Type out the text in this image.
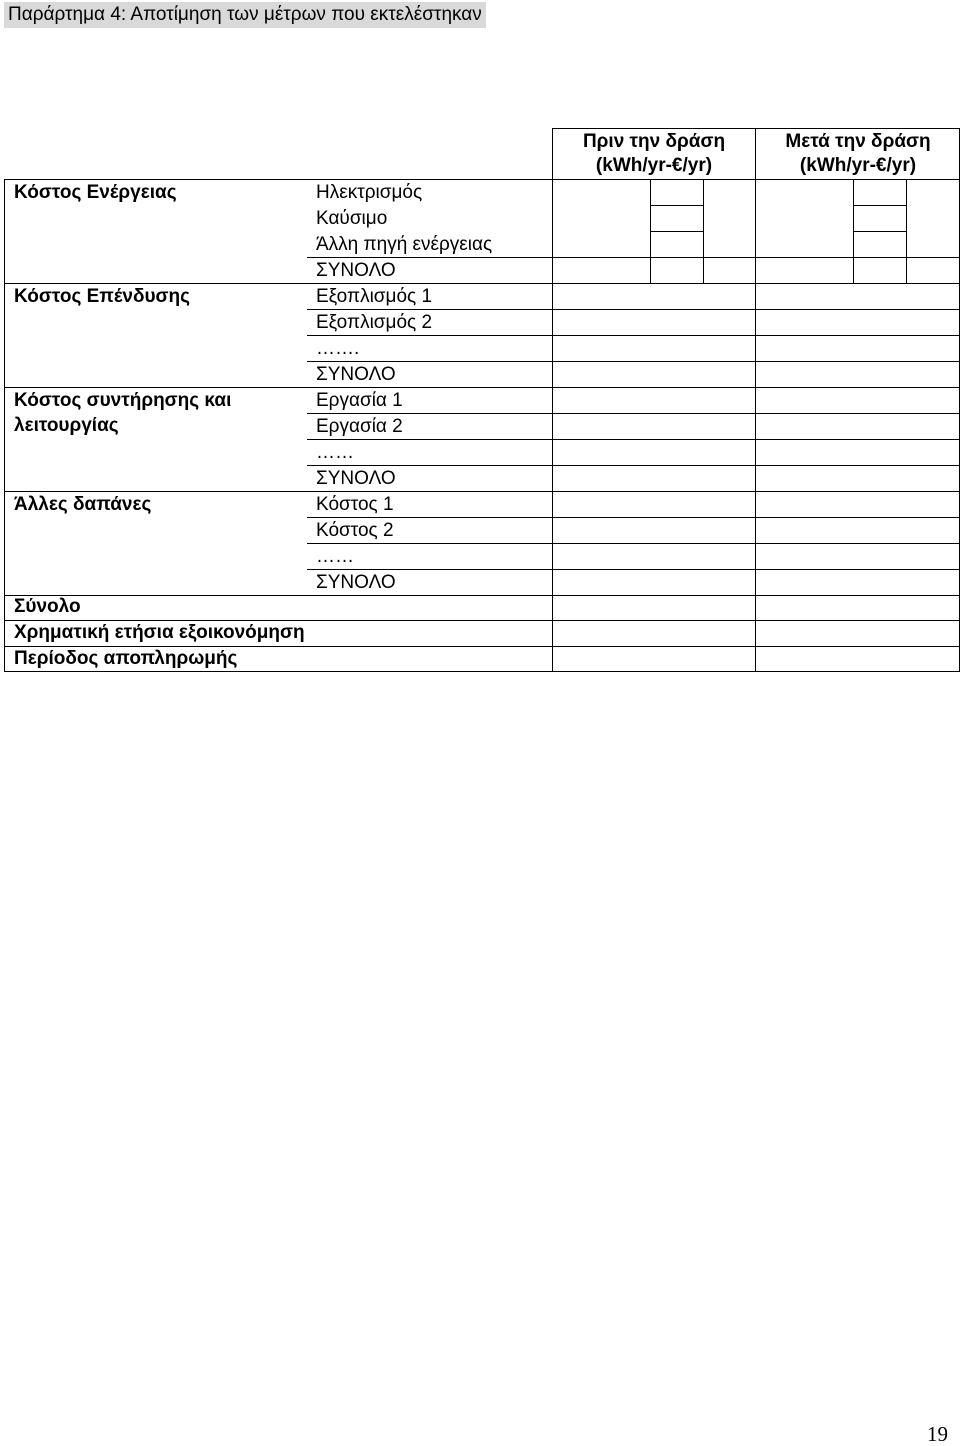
Παράρτημα 4: Αποτίμηση των μέτρων που εκτελέστηκαν
Πριν την δράση
(kWh/yr-€/yr)
Μετά την δράση
(kWh/yr-€/yr)
Κόστος Ενέργειας	Ηλεκτρισμός
Καύσιμο
Άλλη πηγή ενέργειας
ΣΥΝΟΛΟ
Κόστος Επένδυσης	Εξοπλισμός 1
Εξοπλισμός 2
…….
ΣΥΝΟΛΟ
Κόστος συντήρησης και
λειτουργίας
Εργασία 1
Εργασία 2
……
ΣΥΝΟΛΟ
Άλλες δαπάνες	Κόστος 1
Κόστος 2
……
ΣΥΝΟΛΟ
Σύνολο
Χρηματική ετήσια εξοικονόμηση
Περίοδος αποπληρωμής
19
